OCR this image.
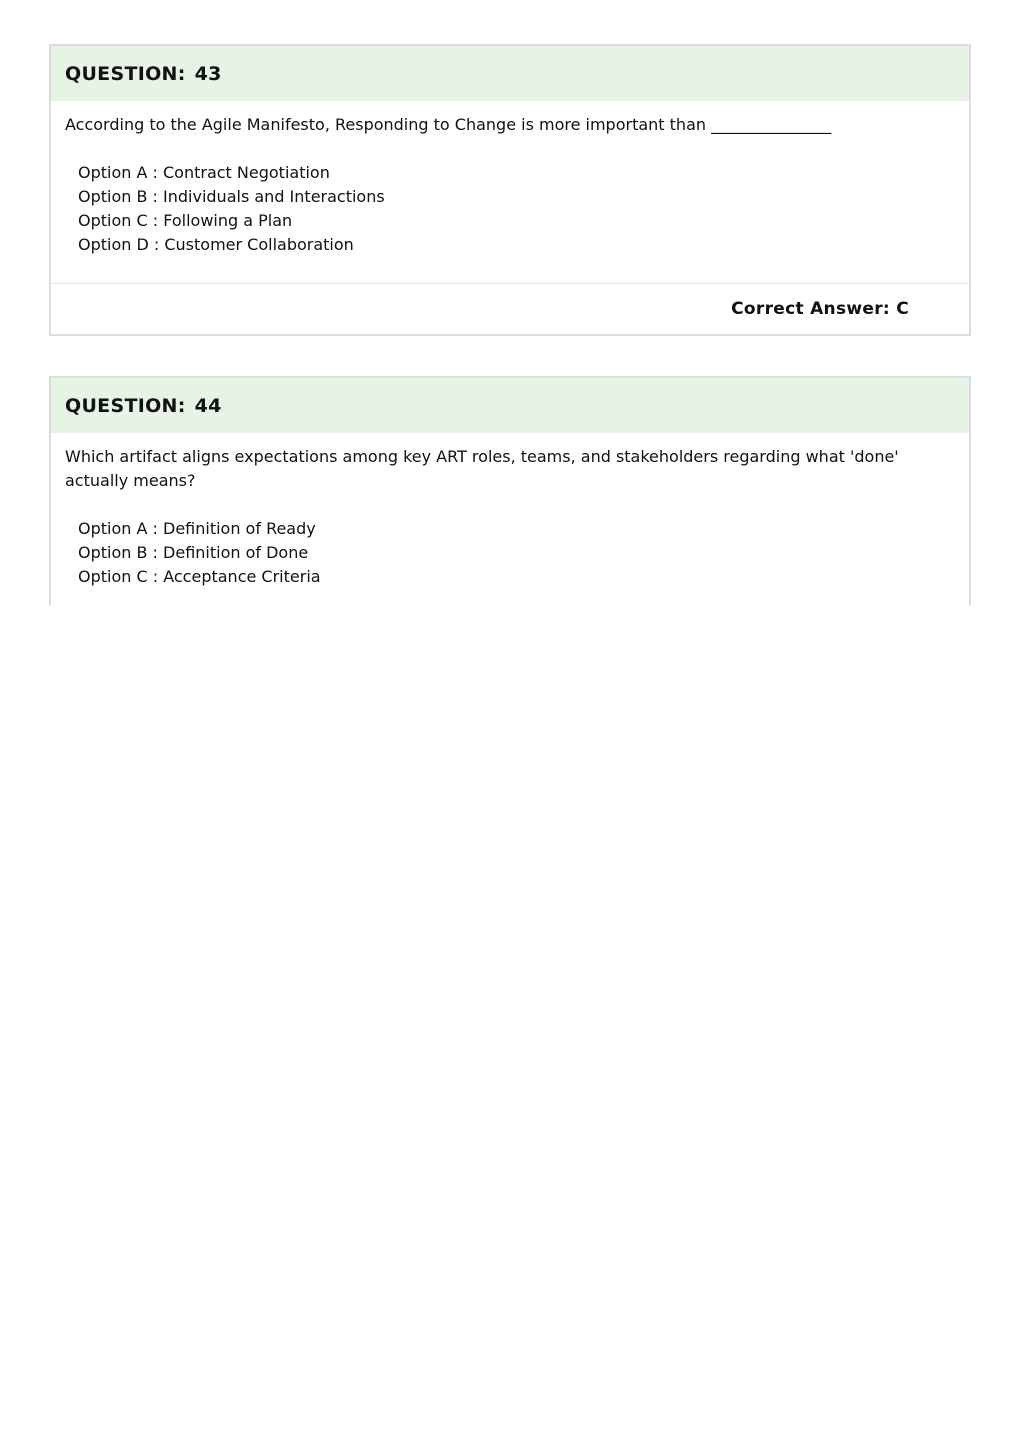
QUESTION: 43

According to the Agile Manifesto, Responding to Change is more important than _______________

Option A : Contract Negotiation
Option B : Individuals and Interactions
Option C : Following a Plan
Option D : Customer Collaboration
Correct Answer: C
QUESTION: 44

Which artifact aligns expectations among key ART roles, teams, and stakeholders regarding what 'done' actually means?

Option A : Definition of Ready
Option B : Definition of Done
Option C : Acceptance Criteria
